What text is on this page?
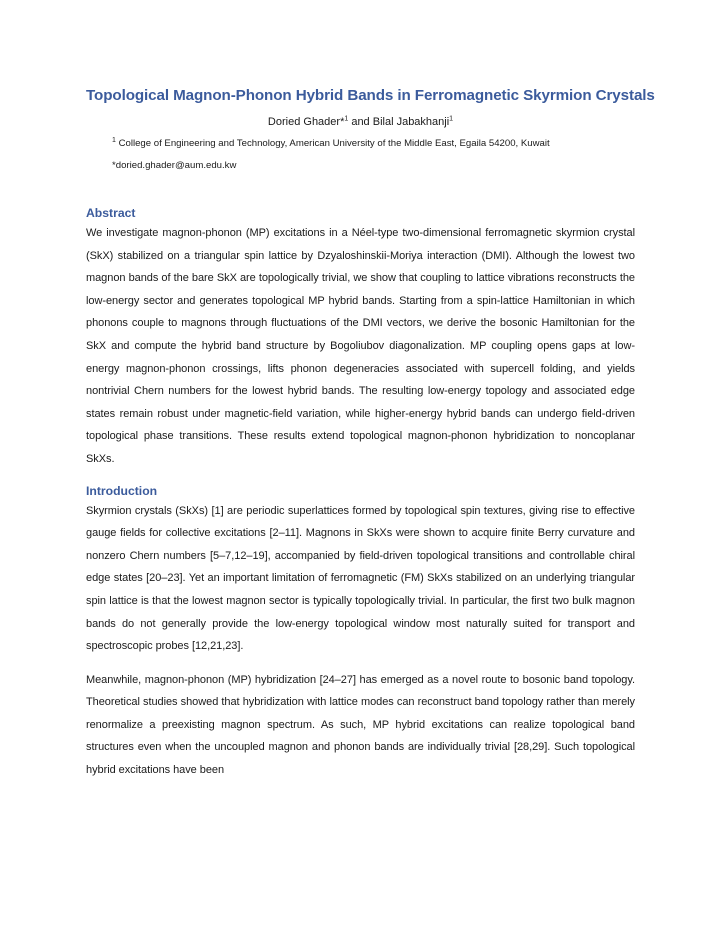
Topological Magnon-Phonon Hybrid Bands in Ferromagnetic Skyrmion Crystals
Doried Ghader*$^1$ and Bilal Jabakhanji$^1$
$^1$ College of Engineering and Technology, American University of the Middle East, Egaila 54200, Kuwait
*doried.ghader@aum.edu.kw
Abstract

We investigate magnon-phonon (MP) excitations in a Néel-type two-dimensional ferromagnetic skyrmion crystal (SkX) stabilized on a triangular spin lattice by Dzyaloshinskii-Moriya interaction (DMI). Although the lowest two magnon bands of the bare SkX are topologically trivial, we show that coupling to lattice vibrations reconstructs the low-energy sector and generates topological MP hybrid bands. Starting from a spin-lattice Hamiltonian in which phonons couple to magnons through fluctuations of the DMI vectors, we derive the bosonic Hamiltonian for the SkX and compute the hybrid band structure by Bogoliubov diagonalization. MP coupling opens gaps at low-energy magnon-phonon crossings, lifts phonon degeneracies associated with supercell folding, and yields nontrivial Chern numbers for the lowest hybrid bands. The resulting low-energy topology and associated edge states remain robust under magnetic-field variation, while higher-energy hybrid bands can undergo field-driven topological phase transitions. These results extend topological magnon-phonon hybridization to noncoplanar SkXs.

Introduction

Skyrmion crystals (SkXs) [1] are periodic superlattices formed by topological spin textures, giving rise to effective gauge fields for collective excitations [2–11]. Magnons in SkXs were shown to acquire finite Berry curvature and nonzero Chern numbers [5–7,12–19], accompanied by field-driven topological transitions and controllable chiral edge states [20–23]. Yet an important limitation of ferromagnetic (FM) SkXs stabilized on an underlying triangular spin lattice is that the lowest magnon sector is typically topologically trivial. In particular, the first two bulk magnon bands do not generally provide the low-energy topological window most naturally suited for transport and spectroscopic probes [12,21,23].

Meanwhile, magnon-phonon (MP) hybridization [24–27] has emerged as a novel route to bosonic band topology. Theoretical studies showed that hybridization with lattice modes can reconstruct band topology rather than merely renormalize a preexisting magnon spectrum. As such, MP hybrid excitations can realize topological band structures even when the uncoupled magnon and phonon bands are individually trivial [28,29]. Such topological hybrid excitations have been
